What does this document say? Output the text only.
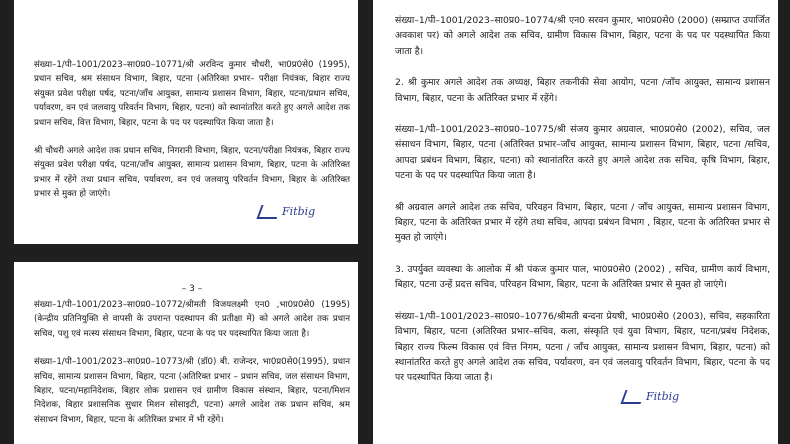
संख्या–1/पी–1001/2023–सा0प्र0–10771/श्री अरविन्द कुमार चौधरी, भा0प्र0से0 (1995), प्रधान सचिव, श्रम संसाधन विभाग, बिहार, पटना (अतिरिक्त प्रभार– परीक्षा नियंत्रक, बिहार राज्य संयुक्त प्रवेश परीक्षा पर्षद, पटना/जाँच आयुक्त, सामान्य प्रशासन विभाग, बिहार, पटना/प्रधान सचिव, पर्यावरण, वन एवं जलवायु परिवर्तन विभाग, बिहार, पटना) को स्थानांतरित करते हुए अगले आदेश तक प्रधान सचिव, वित्त विभाग, बिहार, पटना के पद पर पदस्थापित किया जाता है।

श्री चौधरी अगले आदेश तक प्रधान सचिव, निगरानी विभाग, बिहार, पटना/परीक्षा नियंत्रक, बिहार राज्य संयुक्त प्रवेश परीक्षा पर्षद, पटना/जाँच आयुक्त, सामान्य प्रशासन विभाग, बिहार, पटना के अतिरिक्त प्रभार में रहेंगे तथा प्रधान सचिव, पर्यावरण, वन एवं जलवायु परिवर्तन विभाग, बिहार के अतिरिक्त प्रभार से मुक्त हो जाएंगे।

Fitbig

– 3 –

संख्या–1/पी–1001/2023–सा0प्र0–10772/श्रीमती विजयलक्ष्मी एन0 ,भा0प्र0से0 (1995) (केन्द्रीय प्रतिनियुक्ति से वापसी के उपरान्त पदस्थापन की प्रतीक्षा में) को अगले आदेश तक प्रधान सचिव, पशु एवं मत्स्य संसाधन विभाग, बिहार, पटना के पद पर पदस्थापित किया जाता है।

संख्या–1/पी–1001/2023–सा0प्र0–10773/श्री (डॉ0) बी. राजेन्दर, भा0प्र0से0(1995), प्रधान सचिव, सामान्य प्रशासन विभाग, बिहार, पटना (अतिरिक्त प्रभार – प्रधान सचिव, जल संसाधन विभाग, बिहार, पटना/महानिदेशक, बिहार लोक प्रशासन एवं ग्रामीण विकास संस्थान, बिहार, पटना/मिशन निदेशक, बिहार प्रशासनिक सुधार मिशन सोसाइटी, पटना) अगले आदेश तक प्रधान सचिव, श्रम संसाधन विभाग, बिहार, पटना के अतिरिक्त प्रभार में भी रहेंगे।

संख्या–1/पी–1001/2023–सा0प्र0–10774/श्री एन0 सरवन कुमार, भा0प्र0से0 (2000) (सम्प्राप्त उपार्जित अवकाश पर) को अगले आदेश तक सचिव, ग्रामीण विकास विभाग, बिहार, पटना के पद पर पदस्थापित किया जाता है।

2. श्री कुमार अगले आदेश तक अध्यक्ष, बिहार तकनीकी सेवा आयोग, पटना /जाँच आयुक्त, सामान्य प्रशासन विभाग, बिहार, पटना के अतिरिक्त प्रभार में रहेंगे।

संख्या–1/पी–1001/2023–सा0प्र0–10775/श्री संजय कुमार अग्रवाल, भा0प्र0से0 (2002), सचिव, जल संसाधन विभाग, बिहार, पटना (अतिरिक्त प्रभार–जाँच आयुक्त, सामान्य प्रशासन विभाग, बिहार, पटना /सचिव, आपदा प्रबंधन विभाग, बिहार, पटना) को स्थानांतरित करते हुए अगले आदेश तक सचिव, कृषि विभाग, बिहार, पटना के पद पर पदस्थापित किया जाता है।

श्री अग्रवाल अगले आदेश तक सचिव, परिवहन विभाग, बिहार, पटना / जाँच आयुक्त, सामान्य प्रशासन विभाग, बिहार, पटना के अतिरिक्त प्रभार में रहेंगे तथा सचिव, आपदा प्रबंधन विभाग , बिहार, पटना के अतिरिक्त प्रभार से मुक्त हो जाएंगे।

3. उपर्युक्त व्यवस्था के आलोक में श्री पंकज कुमार पाल, भा0प्र0से0 (2002) , सचिव, ग्रामीण कार्य विभाग, बिहार, पटना उन्हें प्रदत्त सचिव, परिवहन विभाग, बिहार, पटना के अतिरिक्त प्रभार से मुक्त हो जाएंगे।

संख्या–1/पी–1001/2023–सा0प्र0–10776/श्रीमती बन्दना प्रेयषी, भा0प्र0से0 (2003), सचिव, सहकारिता विभाग, बिहार, पटना (अतिरिक्त प्रभार–सचिव, कला, संस्कृति एवं युवा विभाग, बिहार, पटना/प्रबंध निदेशक, बिहार राज्य फिल्म विकास एवं वित्त निगम, पटना / जाँच आयुक्त, सामान्य प्रशासन विभाग, बिहार, पटना) को स्थानांतरित करते हुए अगले आदेश तक सचिव, पर्यावरण, वन एवं जलवायु परिवर्तन विभाग, बिहार, पटना के पद पर पदस्थापित किया जाता है।

Fitbig
